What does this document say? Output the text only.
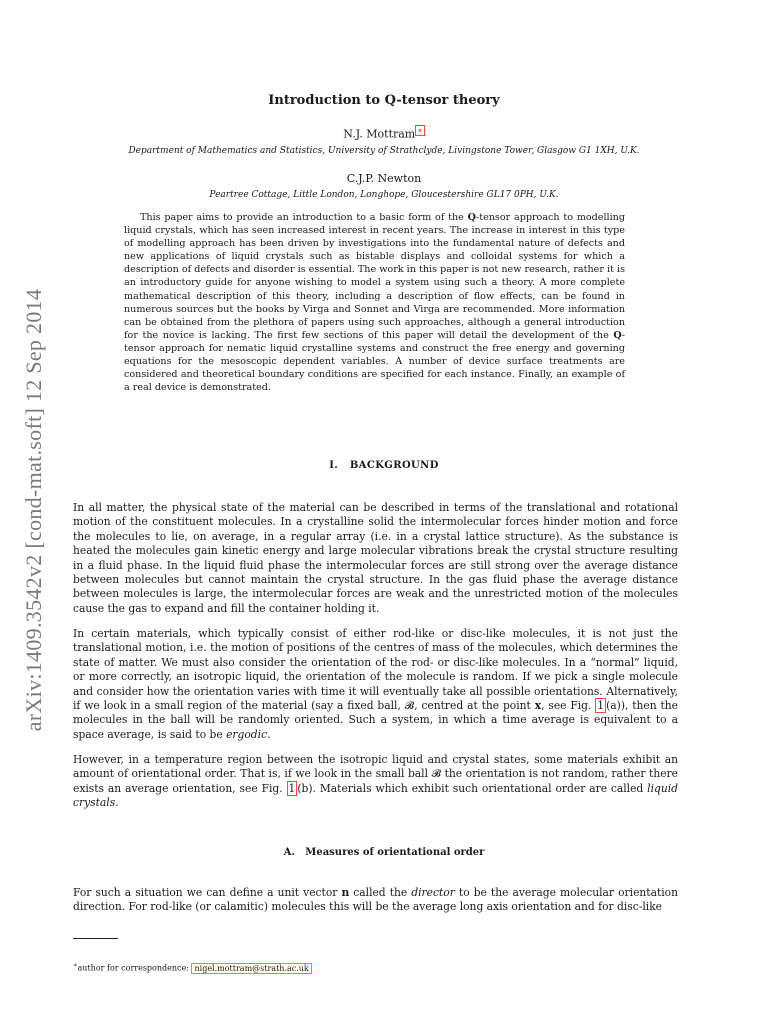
arXiv:1409.3542v2 [cond-mat.soft] 12 Sep 2014
Introduction to Q-tensor theory
N.J. Mottram ∗
Department of Mathematics and Statistics, University of Strathclyde, Livingstone Tower, Glasgow G1 1XH, U.K.
C.J.P. Newton
Peartree Cottage, Little London, Longhope, Gloucestershire GL17 0PH, U.K.
This paper aims to provide an introduction to a basic form of the Q-tensor approach to modelling liquid crystals, which has seen increased interest in recent years. The increase in interest in this type of modelling approach has been driven by investigations into the fundamental nature of defects and new applications of liquid crystals such as bistable displays and colloidal systems for which a description of defects and disorder is essential. The work in this paper is not new research, rather it is an introductory guide for anyone wishing to model a system using such a theory. A more complete mathematical description of this theory, including a description of flow effects, can be found in numerous sources but the books by Virga and Sonnet and Virga are recommended. More information can be obtained from the plethora of papers using such approaches, although a general introduction for the novice is lacking. The first few sections of this paper will detail the development of the Q-tensor approach for nematic liquid crystalline systems and construct the free energy and governing equations for the mesoscopic dependent variables. A number of device surface treatments are considered and theoretical boundary conditions are specified for each instance. Finally, an example of a real device is demonstrated.
I. BACKGROUND
In all matter, the physical state of the material can be described in terms of the translational and rotational motion of the constituent molecules. In a crystalline solid the intermolecular forces hinder motion and force the molecules to lie, on average, in a regular array (i.e. in a crystal lattice structure). As the substance is heated the molecules gain kinetic energy and large molecular vibrations break the crystal structure resulting in a fluid phase. In the liquid fluid phase the intermolecular forces are still strong over the average distance between molecules but cannot maintain the crystal structure. In the gas fluid phase the average distance between molecules is large, the intermolecular forces are weak and the unrestricted motion of the molecules cause the gas to expand and fill the container holding it.
In certain materials, which typically consist of either rod-like or disc-like molecules, it is not just the translational motion, i.e. the motion of positions of the centres of mass of the molecules, which determines the state of matter. We must also consider the orientation of the rod- or disc-like molecules. In a “normal” liquid, or more correctly, an isotropic liquid, the orientation of the molecule is random. If we pick a single molecule and consider how the orientation varies with time it will eventually take all possible orientations. Alternatively, if we look in a small region of the material (say a fixed ball, 𝓑, centred at the point x, see Fig. 1 (a)), then the molecules in the ball will be randomly oriented. Such a system, in which a time average is equivalent to a space average, is said to be ergodic.
However, in a temperature region between the isotropic liquid and crystal states, some materials exhibit an amount of orientational order. That is, if we look in the small ball 𝓑 the orientation is not random, rather there exists an average orientation, see Fig. 1 (b). Materials which exhibit such orientational order are called liquid crystals.
A. Measures of orientational order
For such a situation we can define a unit vector n called the director to be the average molecular orientation direction. For rod-like (or calamitic) molecules this will be the average long axis orientation and for disc-like
∗author for correspondence: nigel.mottram@strath.ac.uk
